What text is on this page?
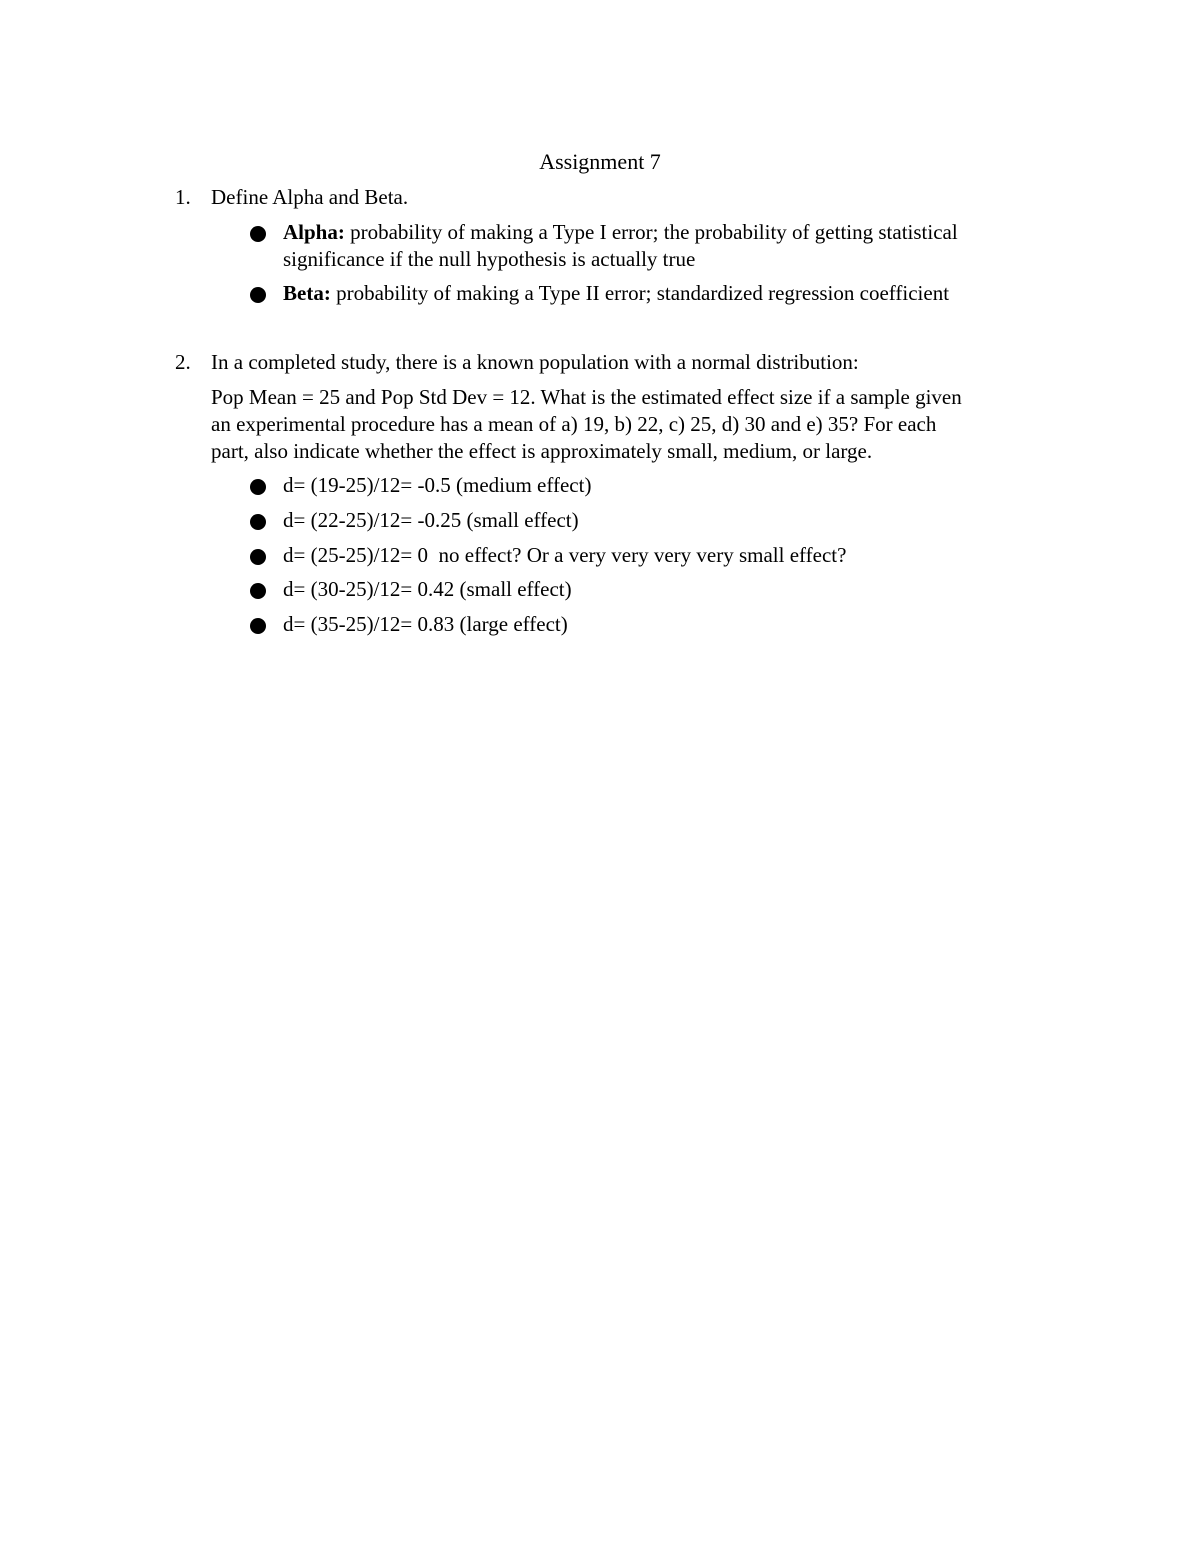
Assignment 7
1. Define Alpha and Beta.
Alpha: probability of making a Type I error; the probability of getting statistical
significance if the null hypothesis is actually true
Beta: probability of making a Type II error; standardized regression coefficient
2. In a completed study, there is a known population with a normal distribution:
Pop Mean = 25 and Pop Std Dev = 12. What is the estimated effect size if a sample given
an experimental procedure has a mean of a) 19, b) 22, c) 25, d) 30 and e) 35? For each
part, also indicate whether the effect is approximately small, medium, or large.
d= (19-25)/12= -0.5 (medium effect)
d= (22-25)/12= -0.25 (small effect)
d= (25-25)/12= 0  no effect? Or a very very very very small effect?
d= (30-25)/12= 0.42 (small effect)
d= (35-25)/12= 0.83 (large effect)
